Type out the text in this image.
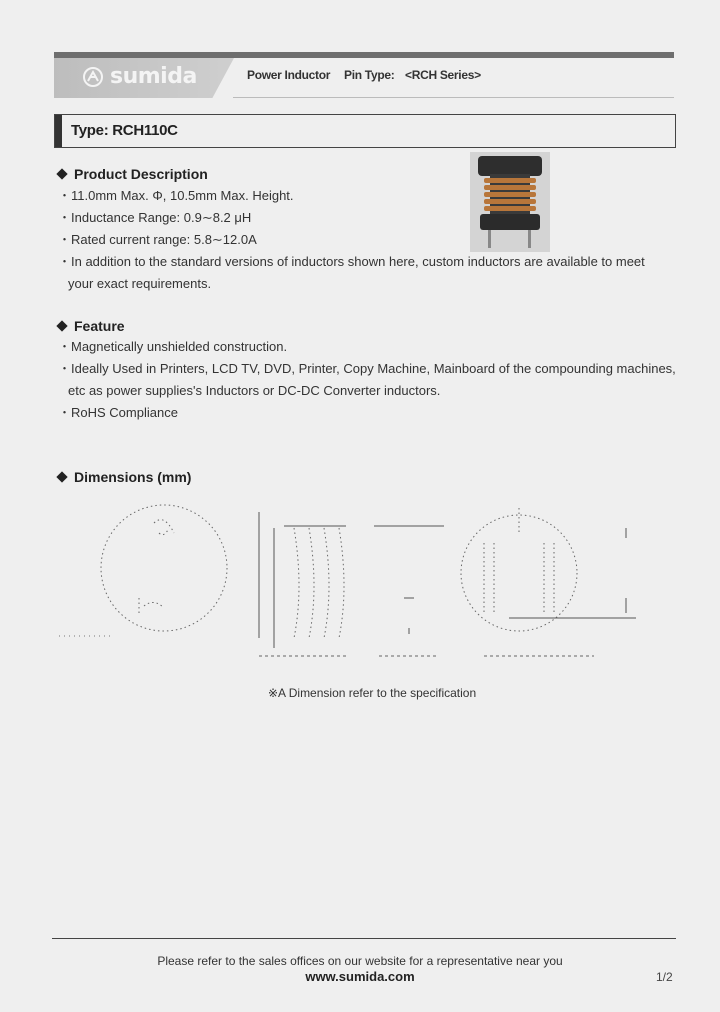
sumida	Power Inductor Pin Type: <RCH Series>
Type: RCH110C
Product Description
・11.0mm Max. Φ, 10.5mm Max. Height.
・Inductance Range: 0.9∼8.2 μH
・Rated current range: 5.8∼12.0A
・In addition to the standard versions of inductors shown here, custom inductors are available to meet
your exact requirements.
Feature
・Magnetically unshielded construction.
・Ideally Used in Printers, LCD TV, DVD, Printer, Copy Machine, Mainboard of the compounding machines,
etc as power supplies's Inductors or DC-DC Converter inductors.
・RoHS Compliance
Dimensions (mm)
※A Dimension refer to the specification
Please refer to the sales offices on our website for a representative near you
www.sumida.com	1/2
